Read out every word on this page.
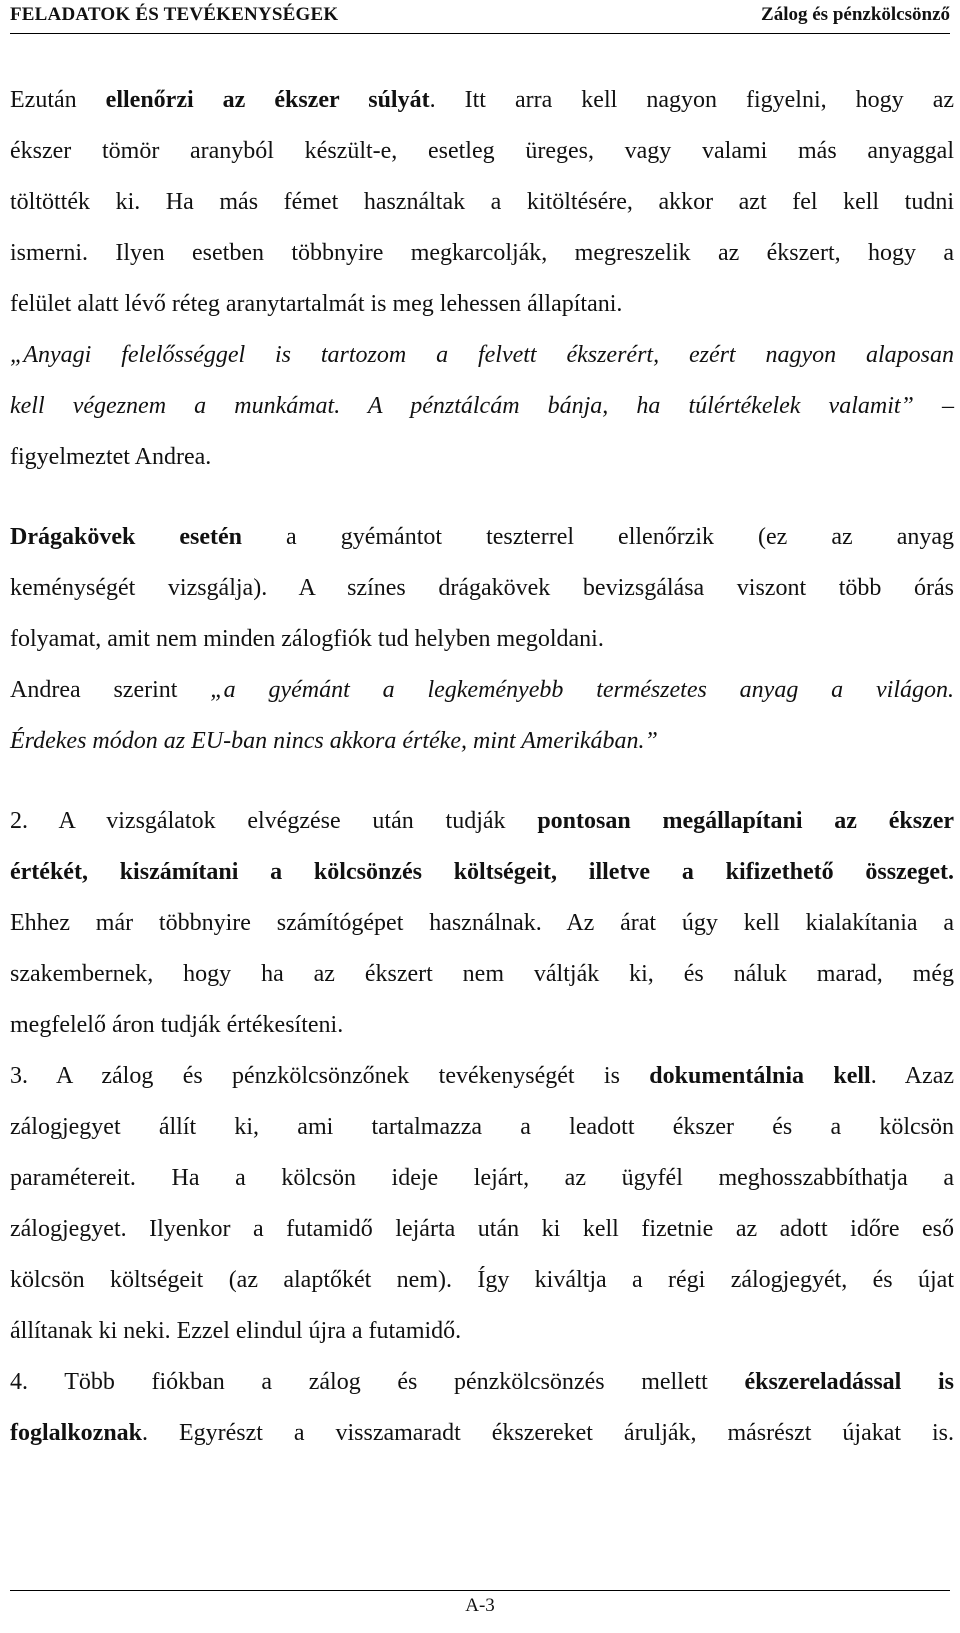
FELADATOK ÉS TEVÉKENYSÉGEK	Zálog és pénzkölcsönző

Ezután ellenőrzi az ékszer súlyát. Itt arra kell nagyon figyelni, hogy az

ékszer tömör aranyból készült-e, esetleg üreges, vagy valami más anyaggal

töltötték ki. Ha más fémet használtak a kitöltésére, akkor azt fel kell tudni

ismerni. Ilyen esetben többnyire megkarcolják, megreszelik az ékszert, hogy a

felület alatt lévő réteg aranytartalmát is meg lehessen állapítani.

„Anyagi felelősséggel is tartozom a felvett ékszerért, ezért nagyon alaposan

kell végeznem a munkámat. A pénztálcám bánja, ha túlértékelek valamit” –

figyelmeztet Andrea.

Drágakövek esetén a gyémántot teszterrel ellenőrzik (ez az anyag

keménységét vizsgálja). A színes drágakövek bevizsgálása viszont több órás

folyamat, amit nem minden zálogfiók tud helyben megoldani.

Andrea szerint „a gyémánt a legkeményebb természetes anyag a világon.

Érdekes módon az EU-ban nincs akkora értéke, mint Amerikában.”

2. A vizsgálatok elvégzése után tudják pontosan megállapítani az ékszer

értékét, kiszámítani a kölcsönzés költségeit, illetve a kifizethető összeget.

Ehhez már többnyire számítógépet használnak. Az árat úgy kell kialakítania a

szakembernek, hogy ha az ékszert nem váltják ki, és náluk marad, még

megfelelő áron tudják értékesíteni.

3. A zálog és pénzkölcsönzőnek tevékenységét is dokumentálnia kell. Azaz

zálogjegyet állít ki, ami tartalmazza a leadott ékszer és a kölcsön

paramétereit. Ha a kölcsön ideje lejárt, az ügyfél meghosszabbíthatja a

zálogjegyet. Ilyenkor a futamidő lejárta után ki kell fizetnie az adott időre eső

kölcsön költségeit (az alaptőkét nem). Így kiváltja a régi zálogjegyét, és újat

állítanak ki neki. Ezzel elindul újra a futamidő.

4. Több fiókban a zálog és pénzkölcsönzés mellett ékszereladással is

foglalkoznak. Egyrészt a visszamaradt ékszereket árulják, másrészt újakat is.

A-3
